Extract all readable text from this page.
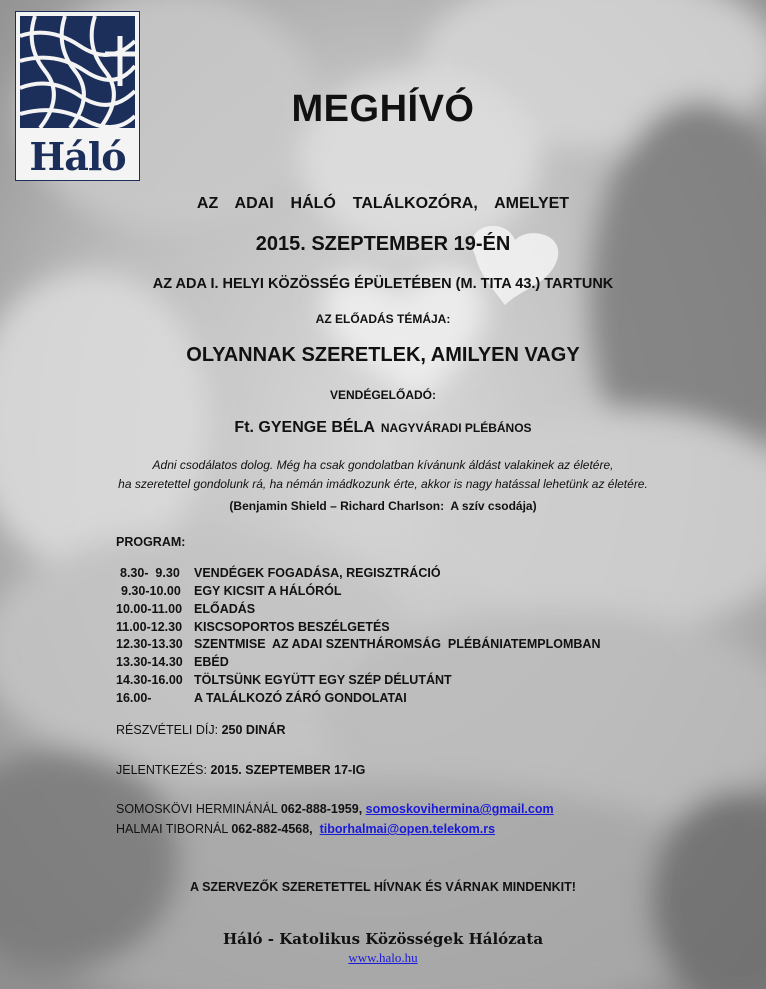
Háló
MEGHÍVÓ
AZ  ADAI  HÁLÓ  TALÁLKOZÓRA,  AMELYET
2015. SZEPTEMBER 19-ÉN
AZ ADA I. HELYI KÖZÖSSÉG ÉPÜLETÉBEN (M. TITA 43.) TARTUNK
AZ ELŐADÁS TÉMÁJA:
OLYANNAK SZERETLEK, AMILYEN VAGY
VENDÉGELŐADÓ:
Ft. GYENGE BÉLA NAGYVÁRADI PLÉBÁNOS
Adni csodálatos dolog. Még ha csak gondolatban kívánunk áldást valakinek az életére,
ha szeretettel gondolunk rá, ha némán imádkozunk érte, akkor is nagy hatással lehetünk az életére.
(Benjamin Shield – Richard Charlson:  A szív csodája)
PROGRAM:
8.30-  9.30	VENDÉGEK FOGADÁSA, REGISZTRÁCIÓ
9.30-10.00	EGY KICSIT A HÁLÓRÓL
10.00-11.00 ELŐADÁS
11.00-12.30 KISCSOPORTOS BESZÉLGETÉS
12.30-13.30 SZENTMISE  AZ ADAI SZENTHÁROMSÁG  PLÉBÁNIATEMPLOMBAN
13.30-14.30 EBÉD
14.30-16.00 TÖLTSÜNK EGYÜTT EGY SZÉP DÉLUTÁNT
16.00-	A TALÁLKOZÓ ZÁRÓ GONDOLATAI
RÉSZVÉTELI DÍJ: 250 DINÁR
JELENTKEZÉS: 2015. SZEPTEMBER 17-IG
SOMOSKÖVI HERMINÁNÁL 062-888-1959, somoskovihermina@gmail.com
HALMAI TIBORNÁL 062-882-4568, tiborhalmai@open.telekom.rs
A SZERVEZŐK SZERETETTEL HÍVNAK ÉS VÁRNAK MINDENKIT!
Háló - Katolikus Közösségek Hálózata
www.halo.hu
